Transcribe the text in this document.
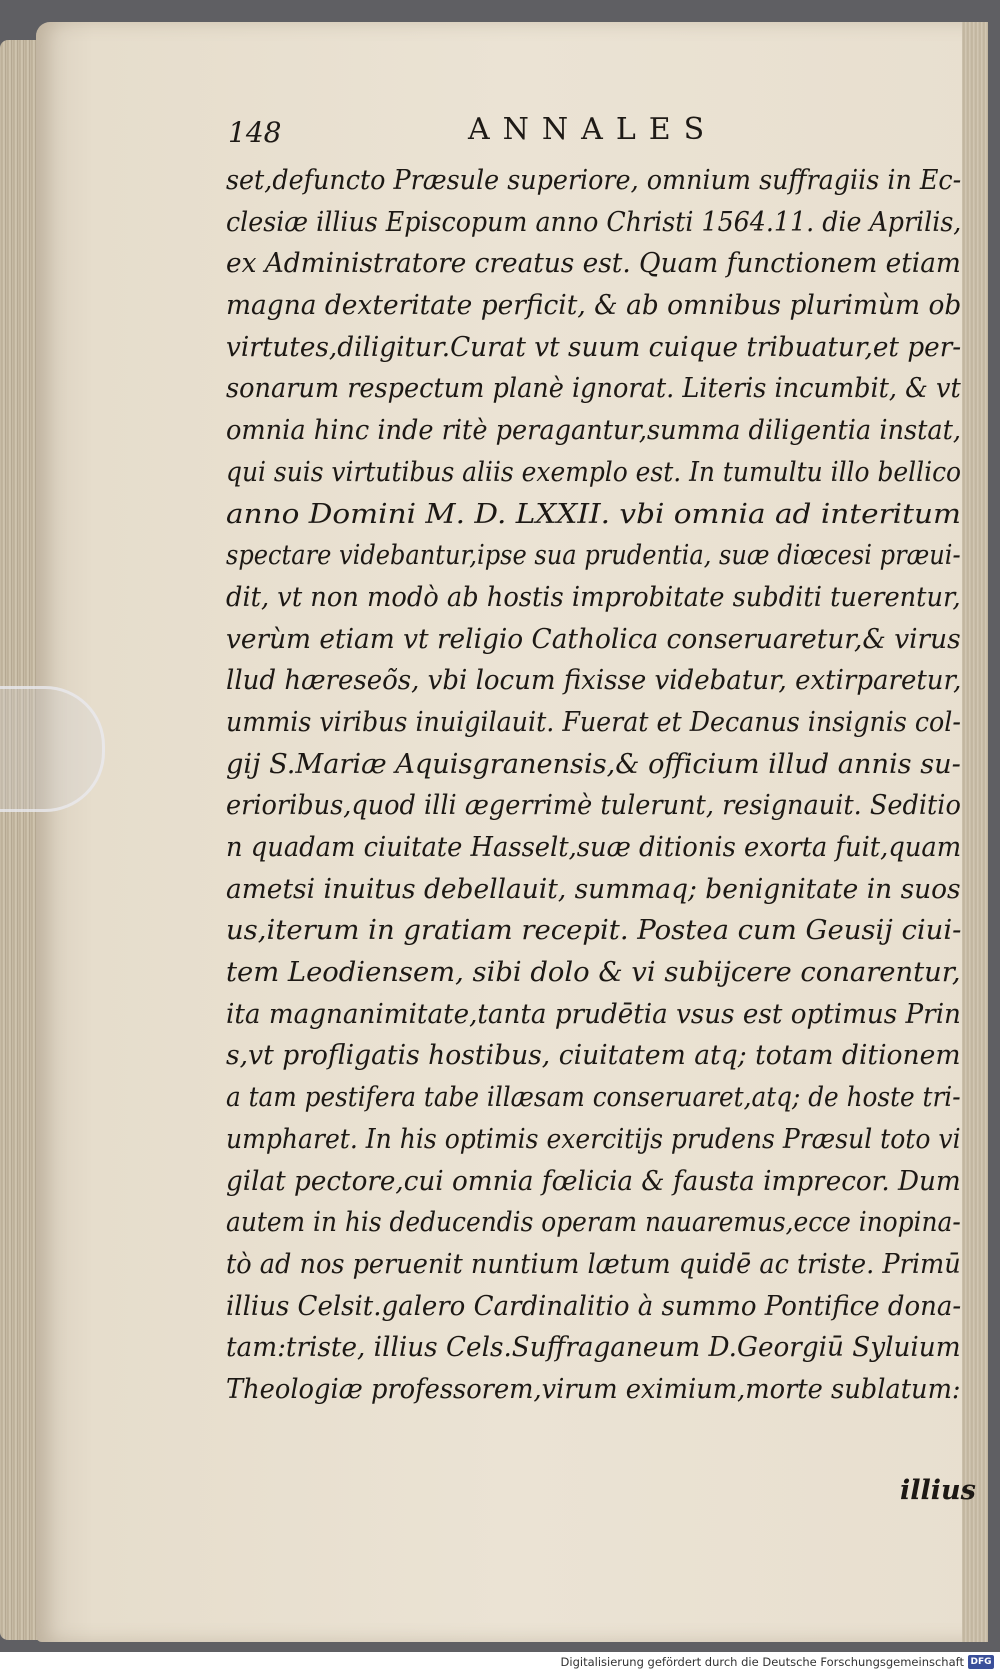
148	ANNALES
set,defuncto Præsule superiore, omnium suffragiis in Ec-
clesiæ illius Episcopum anno Christi 1564.11. die Aprilis,
ex Administratore creatus est. Quam functionem etiam
magna dexteritate perficit, & ab omnibus plurimùm ob
virtutes,diligitur.Curat vt suum cuique tribuatur,et per-
sonarum respectum planè ignorat. Literis incumbit, & vt
omnia hinc inde ritè peragantur,summa diligentia instat,
qui suis virtutibus aliis exemplo est. In tumultu illo bellico
anno Domini M. D. LXXII. vbi omnia ad interitum
spectare videbantur,ipse sua prudentia, suæ diœcesi præui-
dit, vt non modò ab hostis improbitate subditi tuerentur,
verùm etiam vt religio Catholica conseruaretur,& virus
llud hæreseõs, vbi locum fixisse videbatur, extirparetur,
ummis viribus inuigilauit. Fuerat et Decanus insignis col-
gij S.Mariæ Aquisgranensis,& officium illud annis su-
erioribus,quod illi ægerrimè tulerunt, resignauit. Seditio
n quadam ciuitate Hasselt,suæ ditionis exorta fuit,quam
ametsi inuitus debellauit, summaq; benignitate in suos
us,iterum in gratiam recepit. Postea cum Geusij ciui-
tem Leodiensem, sibi dolo & vi subijcere conarentur,
ita magnanimitate,tanta prudētia vsus est optimus Prin
s,vt profligatis hostibus, ciuitatem atq; totam ditionem
a tam pestifera tabe illæsam conseruaret,atq; de hoste tri-
umpharet. In his optimis exercitijs prudens Præsul toto vi
gilat pectore,cui omnia fœlicia & fausta imprecor. Dum
autem in his deducendis operam nauaremus,ecce inopina-
tò ad nos peruenit nuntium lætum quidē ac triste. Primū
illius Celsit.galero Cardinalitio à summo Pontifice dona-
tam:triste, illius Cels.Suffraganeum D.Georgiū Syluium
Theologiæ professorem,virum eximium,morte sublatum:
illius
Digitalisierung gefördert durch die Deutsche Forschungsgemeinschaft DFG
